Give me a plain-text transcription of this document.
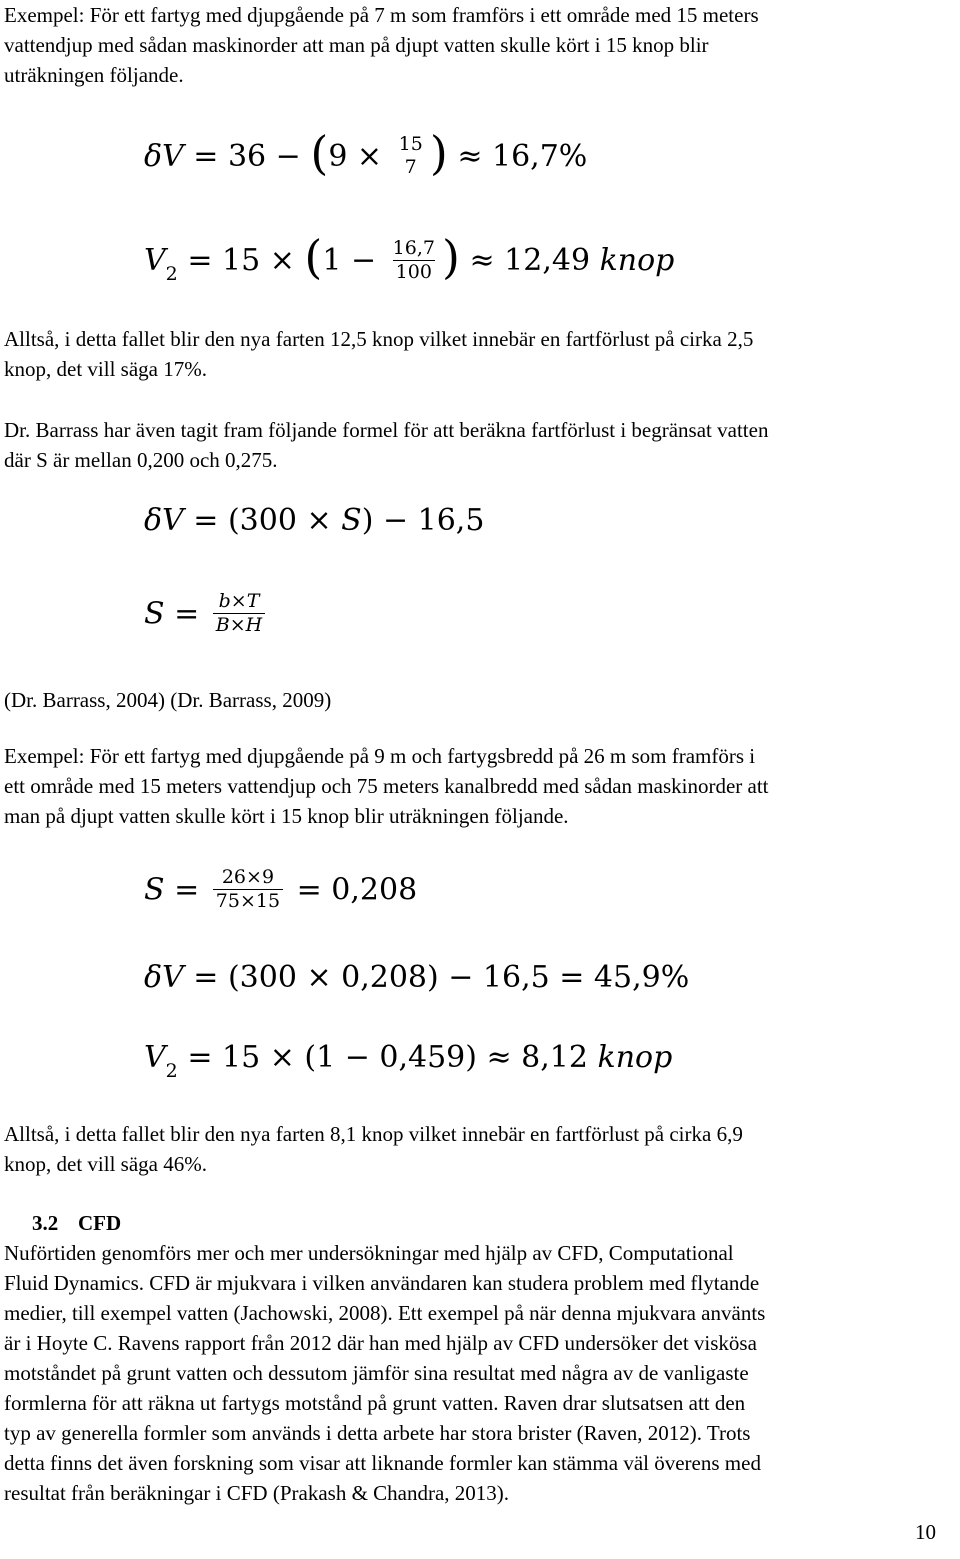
Exempel: För ett fartyg med djupgående på 7 m som framförs i ett område med 15 meters
vattendjup med sådan maskinorder att man på djupt vatten skulle kört i 15 knop blir
uträkningen följande.
δV = 36 − (9 × 15
7 ) ≈ 16,7%
$V_2 = 15 \times (1 - \frac{16,7}{100}$ ) ≈ 12,49 knop
Alltså, i detta fallet blir den nya farten 12,5 knop vilket innebär en fartförlust på cirka 2,5
knop, det vill säga 17%.
Dr. Barrass har även tagit fram följande formel för att beräkna fartförlust i begränsat vatten
där S är mellan 0,200 och 0,275.
δV = (300 × S) − 16,5
$S = \frac{b\times T}{B\times H}$
(Dr. Barrass, 2004) (Dr. Barrass, 2009)
Exempel: För ett fartyg med djupgående på 9 m och fartygsbredd på 26 m som framförs i
ett område med 15 meters vattendjup och 75 meters kanalbredd med sådan maskinorder att
man på djupt vatten skulle kört i 15 knop blir uträkningen följande.
$S = \frac{26\times 9}{75\times 15} = 0,208$
δV = (300 × 0,208) − 16,5 = 45,9%
$V_2 = 15 \times (1 - 0,459) \approx 8,12$ knop
Alltså, i detta fallet blir den nya farten 8,1 knop vilket innebär en fartförlust på cirka 6,9
knop, det vill säga 46%.
3.2 CFD
Nuförtiden genomförs mer och mer undersökningar med hjälp av CFD, Computational
Fluid Dynamics. CFD är mjukvara i vilken användaren kan studera problem med flytande
medier, till exempel vatten (Jachowski, 2008). Ett exempel på när denna mjukvara använts
är i Hoyte C. Ravens rapport från 2012 där han med hjälp av CFD undersöker det viskösa
motståndet på grunt vatten och dessutom jämför sina resultat med några av de vanligaste
formlerna för att räkna ut fartygs motstånd på grunt vatten. Raven drar slutsatsen att den
typ av generella formler som används i detta arbete har stora brister (Raven, 2012). Trots
detta finns det även forskning som visar att liknande formler kan stämma väl överens med
resultat från beräkningar i CFD (Prakash & Chandra, 2013).
10
